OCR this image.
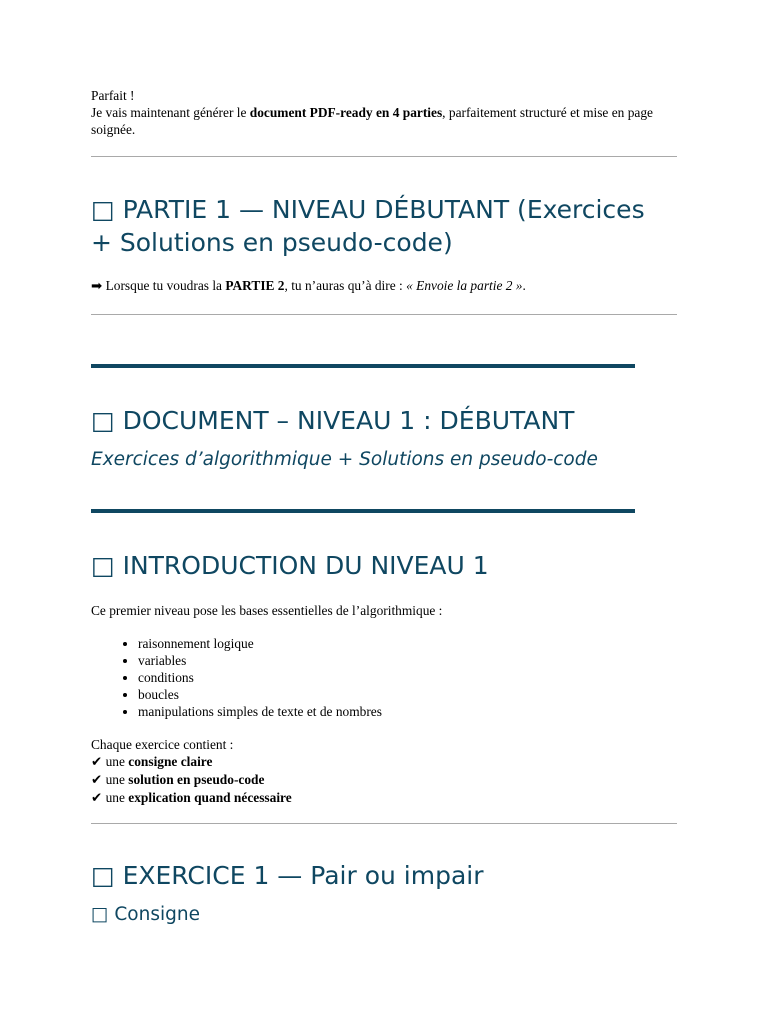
Parfait !

Je vais maintenant générer le document PDF-ready en 4 parties, parfaitement structuré et mise en page soignée.

□ PARTIE 1 — NIVEAU DÉBUTANT (Exercices + Solutions en pseudo-code)

➡ Lorsque tu voudras la PARTIE 2, tu n’auras qu’à dire : « Envoie la partie 2 ».

□ DOCUMENT – NIVEAU 1 : DÉBUTANT
Exercices d’algorithmique + Solutions en pseudo-code
□ INTRODUCTION DU NIVEAU 1

Ce premier niveau pose les bases essentielles de l’algorithmique :

• raisonnement logique
• variables
• conditions
• boucles
• manipulations simples de texte et de nombres

Chaque exercice contient :

✔ une consigne claire

✔ une solution en pseudo-code

✔ une explication quand nécessaire

□ EXERCICE 1 — Pair ou impair
□ Consigne
